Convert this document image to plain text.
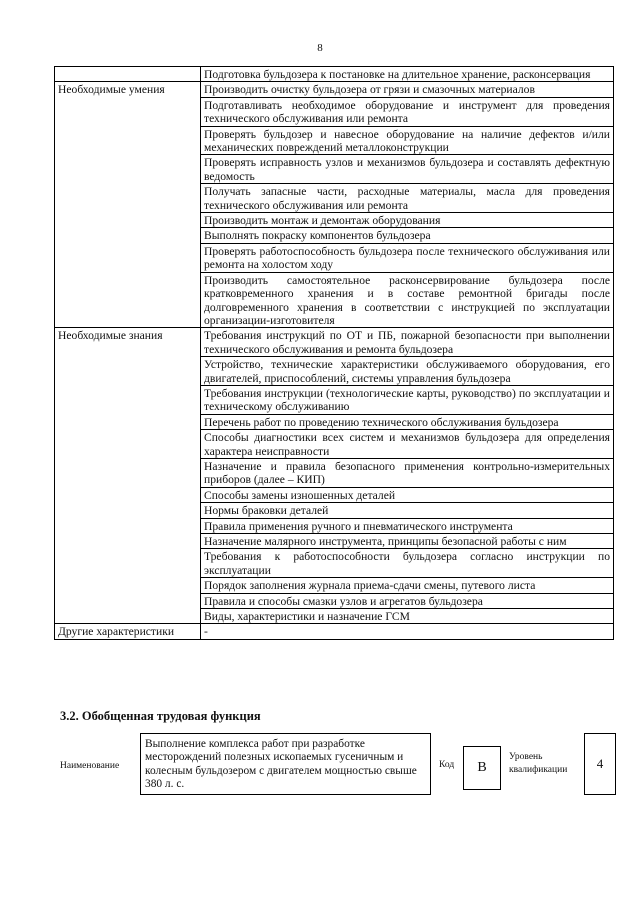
8
	Подготовка бульдозера к постановке на длительное хранение, расконсервация
Необходимые умения	Производить очистку бульдозера от грязи и смазочных материалов
	Подготавливать необходимое оборудование и инструмент для проведения технического обслуживания или ремонта
	Проверять бульдозер и навесное оборудование на наличие дефектов и/или механических повреждений металлоконструкции
	Проверять исправность узлов и механизмов бульдозера и составлять дефектную ведомость
	Получать запасные части, расходные материалы, масла для проведения технического обслуживания или ремонта
	Производить монтаж и демонтаж оборудования
	Выполнять покраску компонентов бульдозера
	Проверять работоспособность бульдозера после технического обслуживания или ремонта на холостом ходу
	Производить самостоятельное расконсервирование бульдозера после кратковременного хранения и в составе ремонтной бригады после долговременного хранения в соответствии с инструкцией по эксплуатации организации-изготовителя
Необходимые знания	Требования инструкций по ОТ и ПБ, пожарной безопасности при выполнении технического обслуживания и ремонта бульдозера
	Устройство, технические характеристики обслуживаемого оборудования, его двигателей, приспособлений, системы управления бульдозера
	Требования инструкции (технологические карты, руководство) по эксплуатации и техническому обслуживанию
	Перечень работ по проведению технического обслуживания бульдозера
	Способы диагностики всех систем и механизмов бульдозера для определения характера неисправности
	Назначение и правила безопасного применения контрольно-измерительных приборов (далее – КИП)
	Способы замены изношенных деталей
	Нормы браковки деталей
	Правила применения ручного и пневматического инструмента
	Назначение малярного инструмента, принципы безопасной работы с ним
	Требования к работоспособности бульдозера согласно инструкции по эксплуатации
	Порядок заполнения журнала приема-сдачи смены, путевого листа
	Правила и способы смазки узлов и агрегатов бульдозера
	Виды, характеристики и назначение ГСМ
Другие характеристики	-
3.2. Обобщенная трудовая функция
Наименование
Выполнение комплекса работ при разработке месторождений полезных ископаемых гусеничным и колесным бульдозером с двигателем мощностью свыше 380 л. с.
Код	B
Уровень квалификации	4
